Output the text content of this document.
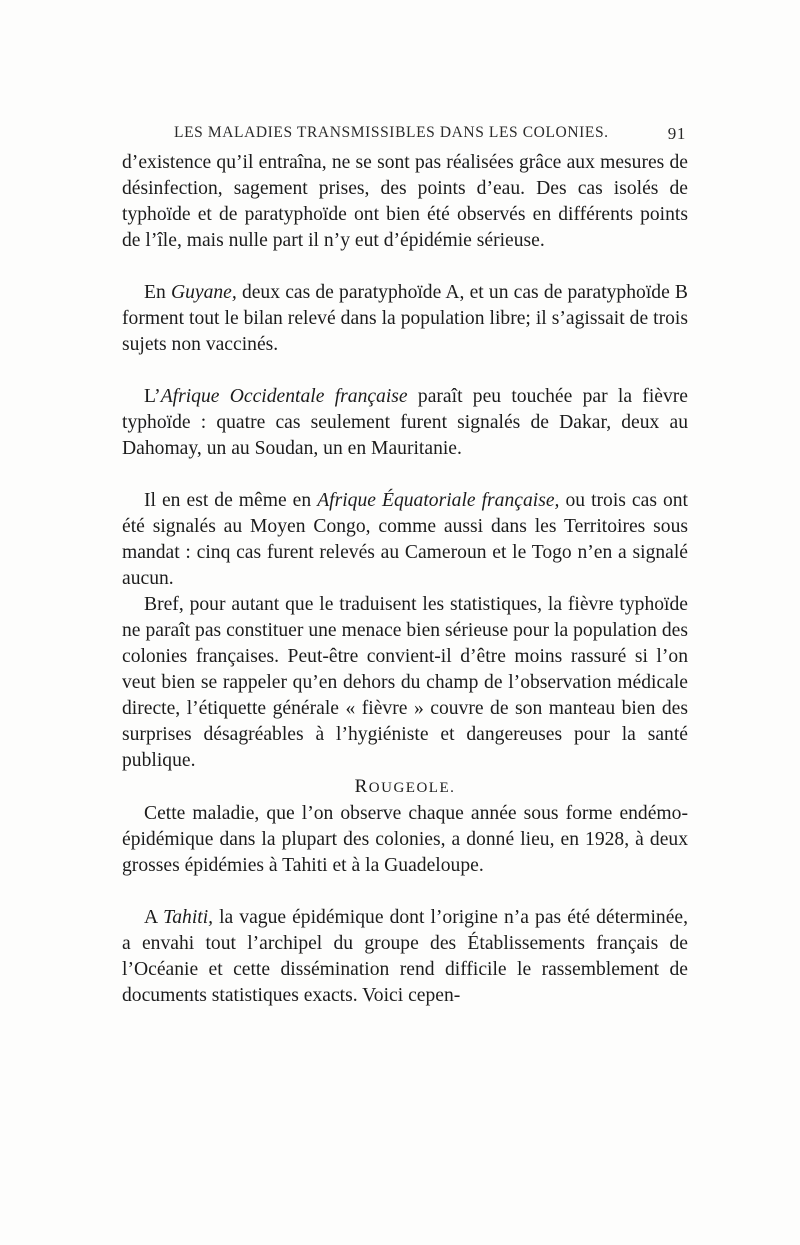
LES MALADIES TRANSMISSIBLES DANS LES COLONIES.	91

d’existence qu’il entraîna, ne se sont pas réalisées grâce aux mesures de désinfection, sagement prises, des points d’eau. Des cas isolés de typhoïde et de paratyphoïde ont bien été observés en différents points de l’île, mais nulle part il n’y eut d’épidémie sérieuse.

En Guyane, deux cas de paratyphoïde A, et un cas de paratyphoïde B forment tout le bilan relevé dans la population libre; il s’agissait de trois sujets non vaccinés.

L’Afrique Occidentale française paraît peu touchée par la fièvre typhoïde : quatre cas seulement furent signalés de Dakar, deux au Dahomay, un au Soudan, un en Mauritanie.

Il en est de même en Afrique Équatoriale française, ou trois cas ont été signalés au Moyen Congo, comme aussi dans les Territoires sous mandat : cinq cas furent relevés au Cameroun et le Togo n’en a signalé aucun.

Bref, pour autant que le traduisent les statistiques, la fièvre typhoïde ne paraît pas constituer une menace bien sérieuse pour la population des colonies françaises. Peut-être convient-il d’être moins rassuré si l’on veut bien se rappeler qu’en dehors du champ de l’observation médicale directe, l’étiquette générale « fièvre » couvre de son manteau bien des surprises désagréables à l’hygiéniste et dangereuses pour la santé publique.

ROUGEOLE.

Cette maladie, que l’on observe chaque année sous forme endémo-épidémique dans la plupart des colonies, a donné lieu, en 1928, à deux grosses épidémies à Tahiti et à la Guadeloupe.

A Tahiti, la vague épidémique dont l’origine n’a pas été déterminée, a envahi tout l’archipel du groupe des Établissements français de l’Océanie et cette dissémination rend difficile le rassemblement de documents statistiques exacts. Voici cepen-
